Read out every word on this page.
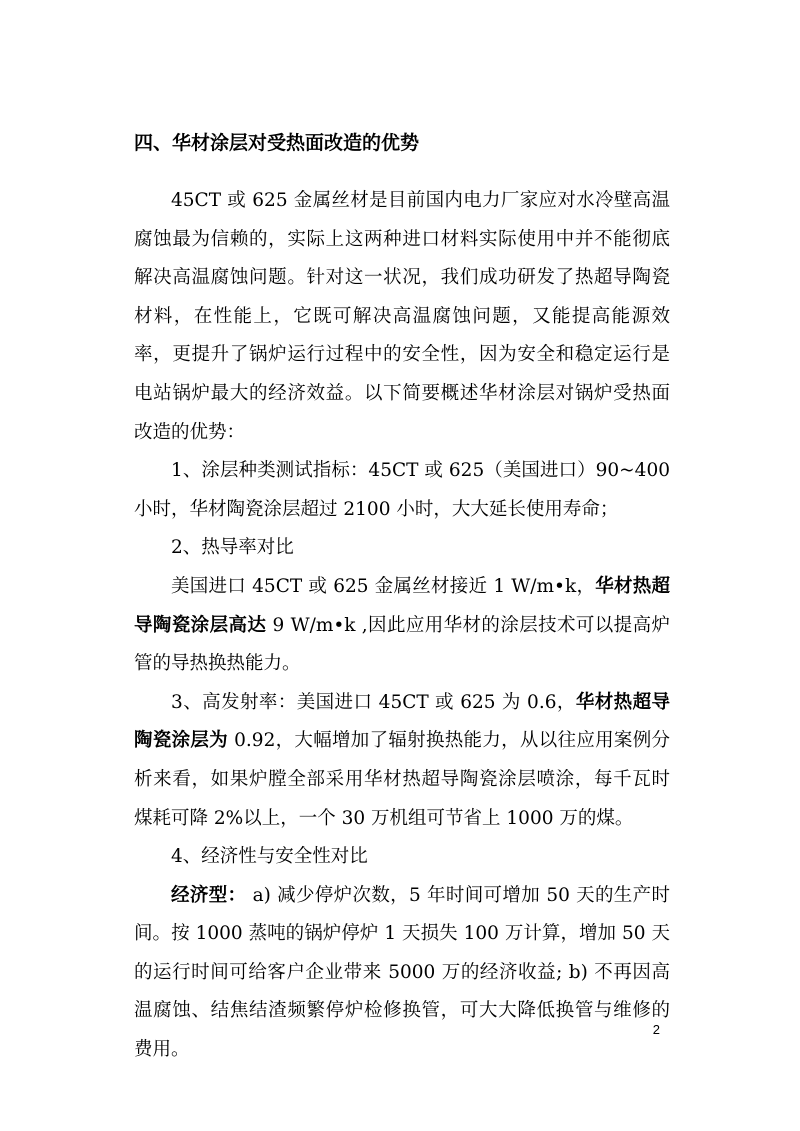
四、华材涂层对受热面改造的优势

45CT 或 625 金属丝材是目前国内电力厂家应对水冷壁高温腐蚀最为信赖的，实际上这两种进口材料实际使用中并不能彻底解决高温腐蚀问题。针对这一状况，我们成功研发了热超导陶瓷材料，在性能上，它既可解决高温腐蚀问题，又能提高能源效率，更提升了锅炉运行过程中的安全性，因为安全和稳定运行是电站锅炉最大的经济效益。以下简要概述华材涂层对锅炉受热面改造的优势：

1、涂层种类测试指标：45CT 或 625（美国进口）90~400 小时，华材陶瓷涂层超过 2100 小时，大大延长使用寿命；

2、热导率对比

美国进口 45CT 或 625 金属丝材接近 1 W/m•k，华材热超导陶瓷涂层高达 9 W/m•k ,因此应用华材的涂层技术可以提高炉管的导热换热能力。

3、高发射率：美国进口 45CT 或 625 为 0.6，华材热超导陶瓷涂层为 0.92，大幅增加了辐射换热能力，从以往应用案例分析来看，如果炉膛全部采用华材热超导陶瓷涂层喷涂，每千瓦时煤耗可降 2%以上，一个 30 万机组可节省上 1000 万的煤。

4、经济性与安全性对比

经济型： a) 减少停炉次数，5 年时间可增加 50 天的生产时间。按 1000 蒸吨的锅炉停炉 1 天损失 100 万计算，增加 50 天的运行时间可给客户企业带来 5000 万的经济收益; b) 不再因高温腐蚀、结焦结渣频繁停炉检修换管，可大大降低换管与维修的费用。

2
